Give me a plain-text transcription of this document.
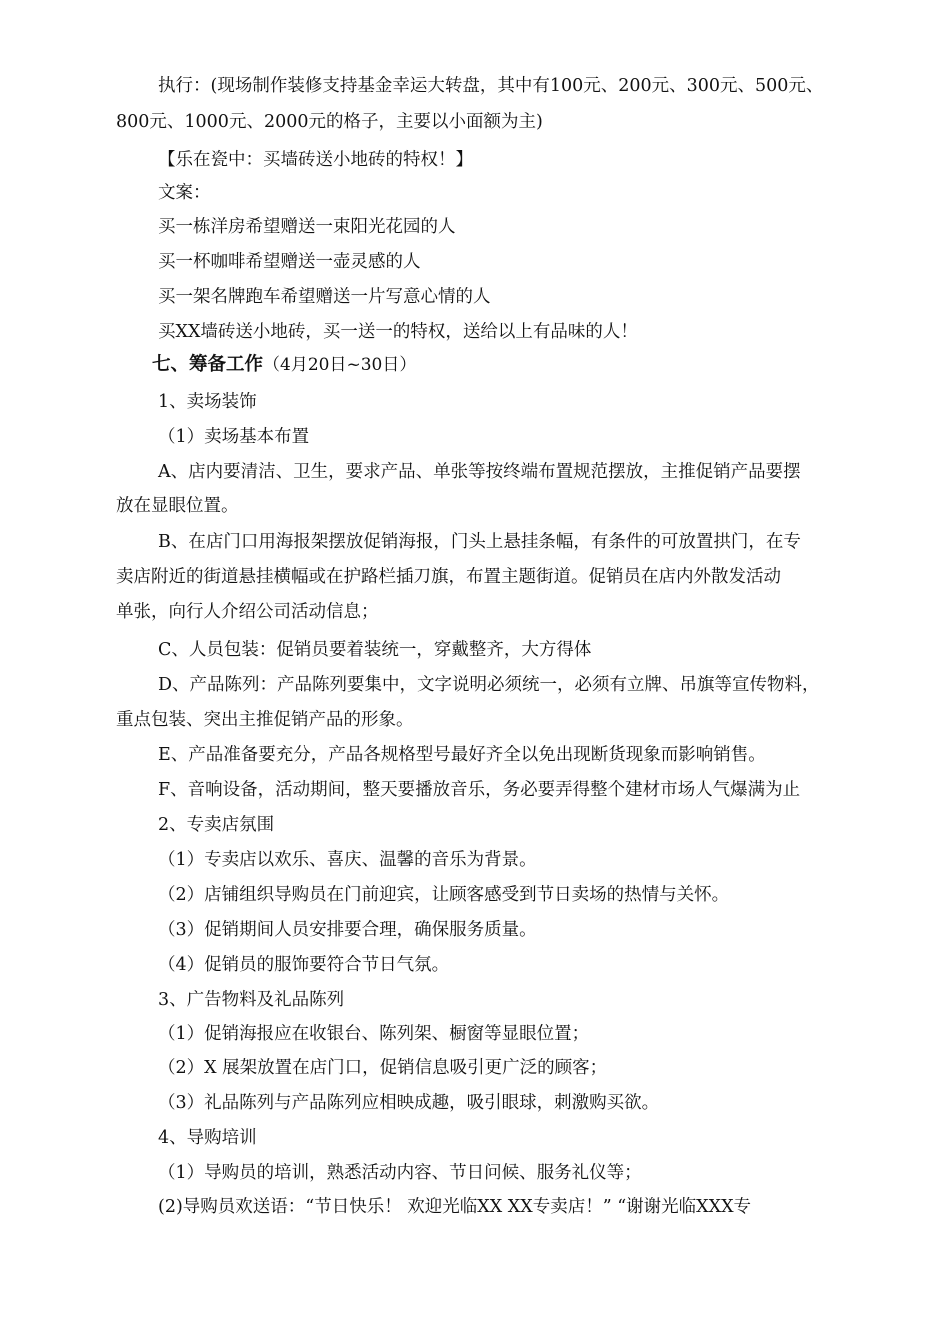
执行：(现场制作装修支持基金幸运大转盘，其中有100元、200元、300元、500元、
800元、1000元、2000元的格子，主要以小面额为主)
【乐在瓷中：买墙砖送小地砖的特权！】
文案：
买一栋洋房希望赠送一束阳光花园的人
买一杯咖啡希望赠送一壶灵感的人
买一架名牌跑车希望赠送一片写意心情的人
买XX墙砖送小地砖，买一送一的特权，送给以上有品味的人！
七、筹备工作（4月20日~30日）
1、卖场装饰
（1）卖场基本布置
A、店内要清洁、卫生，要求产品、单张等按终端布置规范摆放，主推促销产品要摆
放在显眼位置。
B、在店门口用海报架摆放促销海报，门头上悬挂条幅，有条件的可放置拱门，在专
卖店附近的街道悬挂横幅或在护路栏插刀旗，布置主题街道。促销员在店内外散发活动
单张，向行人介绍公司活动信息；
C、人员包装：促销员要着装统一，穿戴整齐，大方得体
D、产品陈列：产品陈列要集中，文字说明必须统一，必须有立牌、吊旗等宣传物料，
重点包装、突出主推促销产品的形象。
E、产品准备要充分，产品各规格型号最好齐全以免出现断货现象而影响销售。
F、音响设备，活动期间，整天要播放音乐，务必要弄得整个建材市场人气爆满为止
2、专卖店氛围
（1）专卖店以欢乐、喜庆、温馨的音乐为背景。
（2）店铺组织导购员在门前迎宾，让顾客感受到节日卖场的热情与关怀。
（3）促销期间人员安排要合理，确保服务质量。
（4）促销员的服饰要符合节日气氛。
3、广告物料及礼品陈列
（1）促销海报应在收银台、陈列架、橱窗等显眼位置；
（2）X 展架放置在店门口，促销信息吸引更广泛的顾客；
（3）礼品陈列与产品陈列应相映成趣，吸引眼球，刺激购买欲。
4、导购培训
（1）导购员的培训，熟悉活动内容、节日问候、服务礼仪等；
(2)导购员欢送语：“节日快乐！ 欢迎光临XX XX专卖店！” “谢谢光临XXX专
